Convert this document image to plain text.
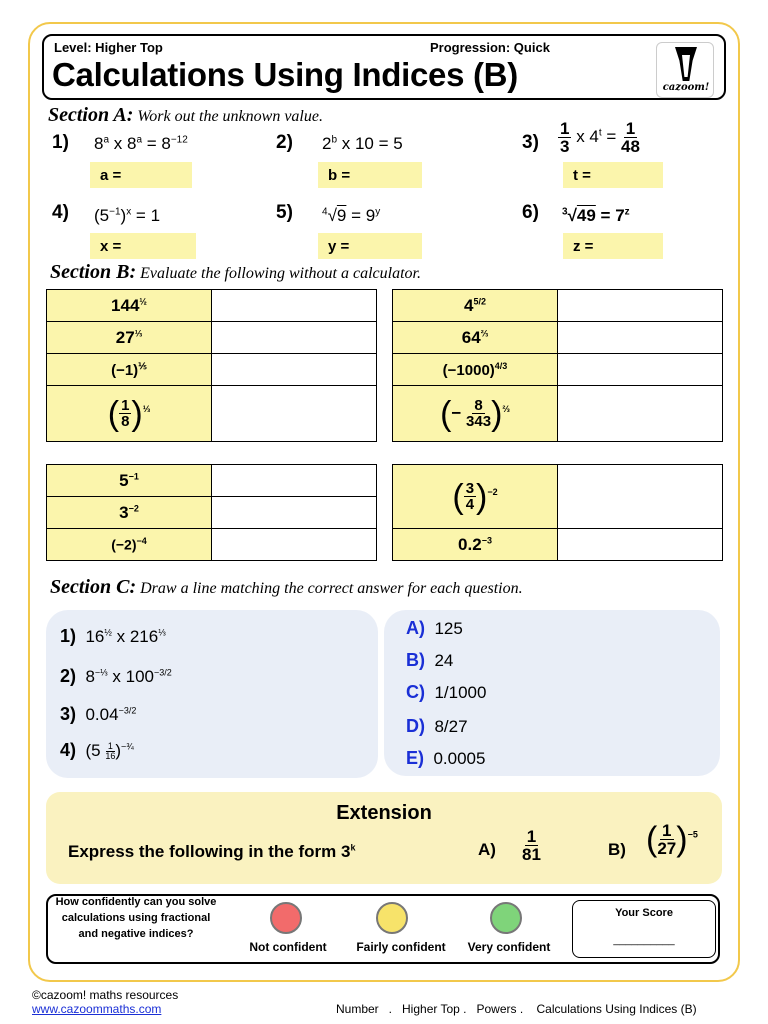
Level: Higher Top	Progression: Quick
Calculations Using Indices (B)	cazoom!
Section A: Work out the unknown value.
1) 8$^a$ x $8^a = 8^{-12}$
a =
2) 2$^b$ x 10 = 5
b =
$3) \frac{1}{3}$ x $4^t = \frac{1}{48}$
t =
4) $(5^{-1})^x = 1$
x =
5)	$^4√9 = 9^y$
y =
6) $^3√49 = 7^z$
z =
Section B: Evaluate the following without a calculator.
$144^{\frac{1}{2}}$	
$27^{\frac{1}{3}}$	
$(-1)^{\frac{1}{5}}$	
( $\frac{1}{8} )^{\frac{1}{3}}$	
$4^{5/2}$	
$64^{\frac{2}{3}}$	
$(-1000)^{4/3}$	
(− $\frac{8}{343} )^{\frac{2}{3}}$	
$5^{-1}$	
$3^{-2}$	
$(-2)^{-4}$	
( $\frac{3}{4} )^{-2}$	
$0.2^{-3}$	
Section C: Draw a line matching the correct answer for each question.
1)  $16^{\frac{1}{2}}$ x $216^{\frac{1}{3}}$
2)  $8^{-\frac{1}{3}}$ x $100^{-3/2}$
3)  $0.04^{-3/2}$
4)  $(5 \frac{1}{16} )^{-\frac{3}{4}}$
A) 125
B) 24
C) 1/1000
D) 8/27
E) 0.0005
Extension
Express the following in the form 3$^k$	$A) \frac{1}{81}$	B) ( $\frac{1}{27} )^{-5}$
How confidently can you solve calculations using fractional and negative indices?
Not confident	Fairly confident	Very confident
Your Score
__________
©cazoom! maths resources
www.cazoommaths.com	Number   .   Higher Top .   Powers .    Calculations Using Indices (B)
